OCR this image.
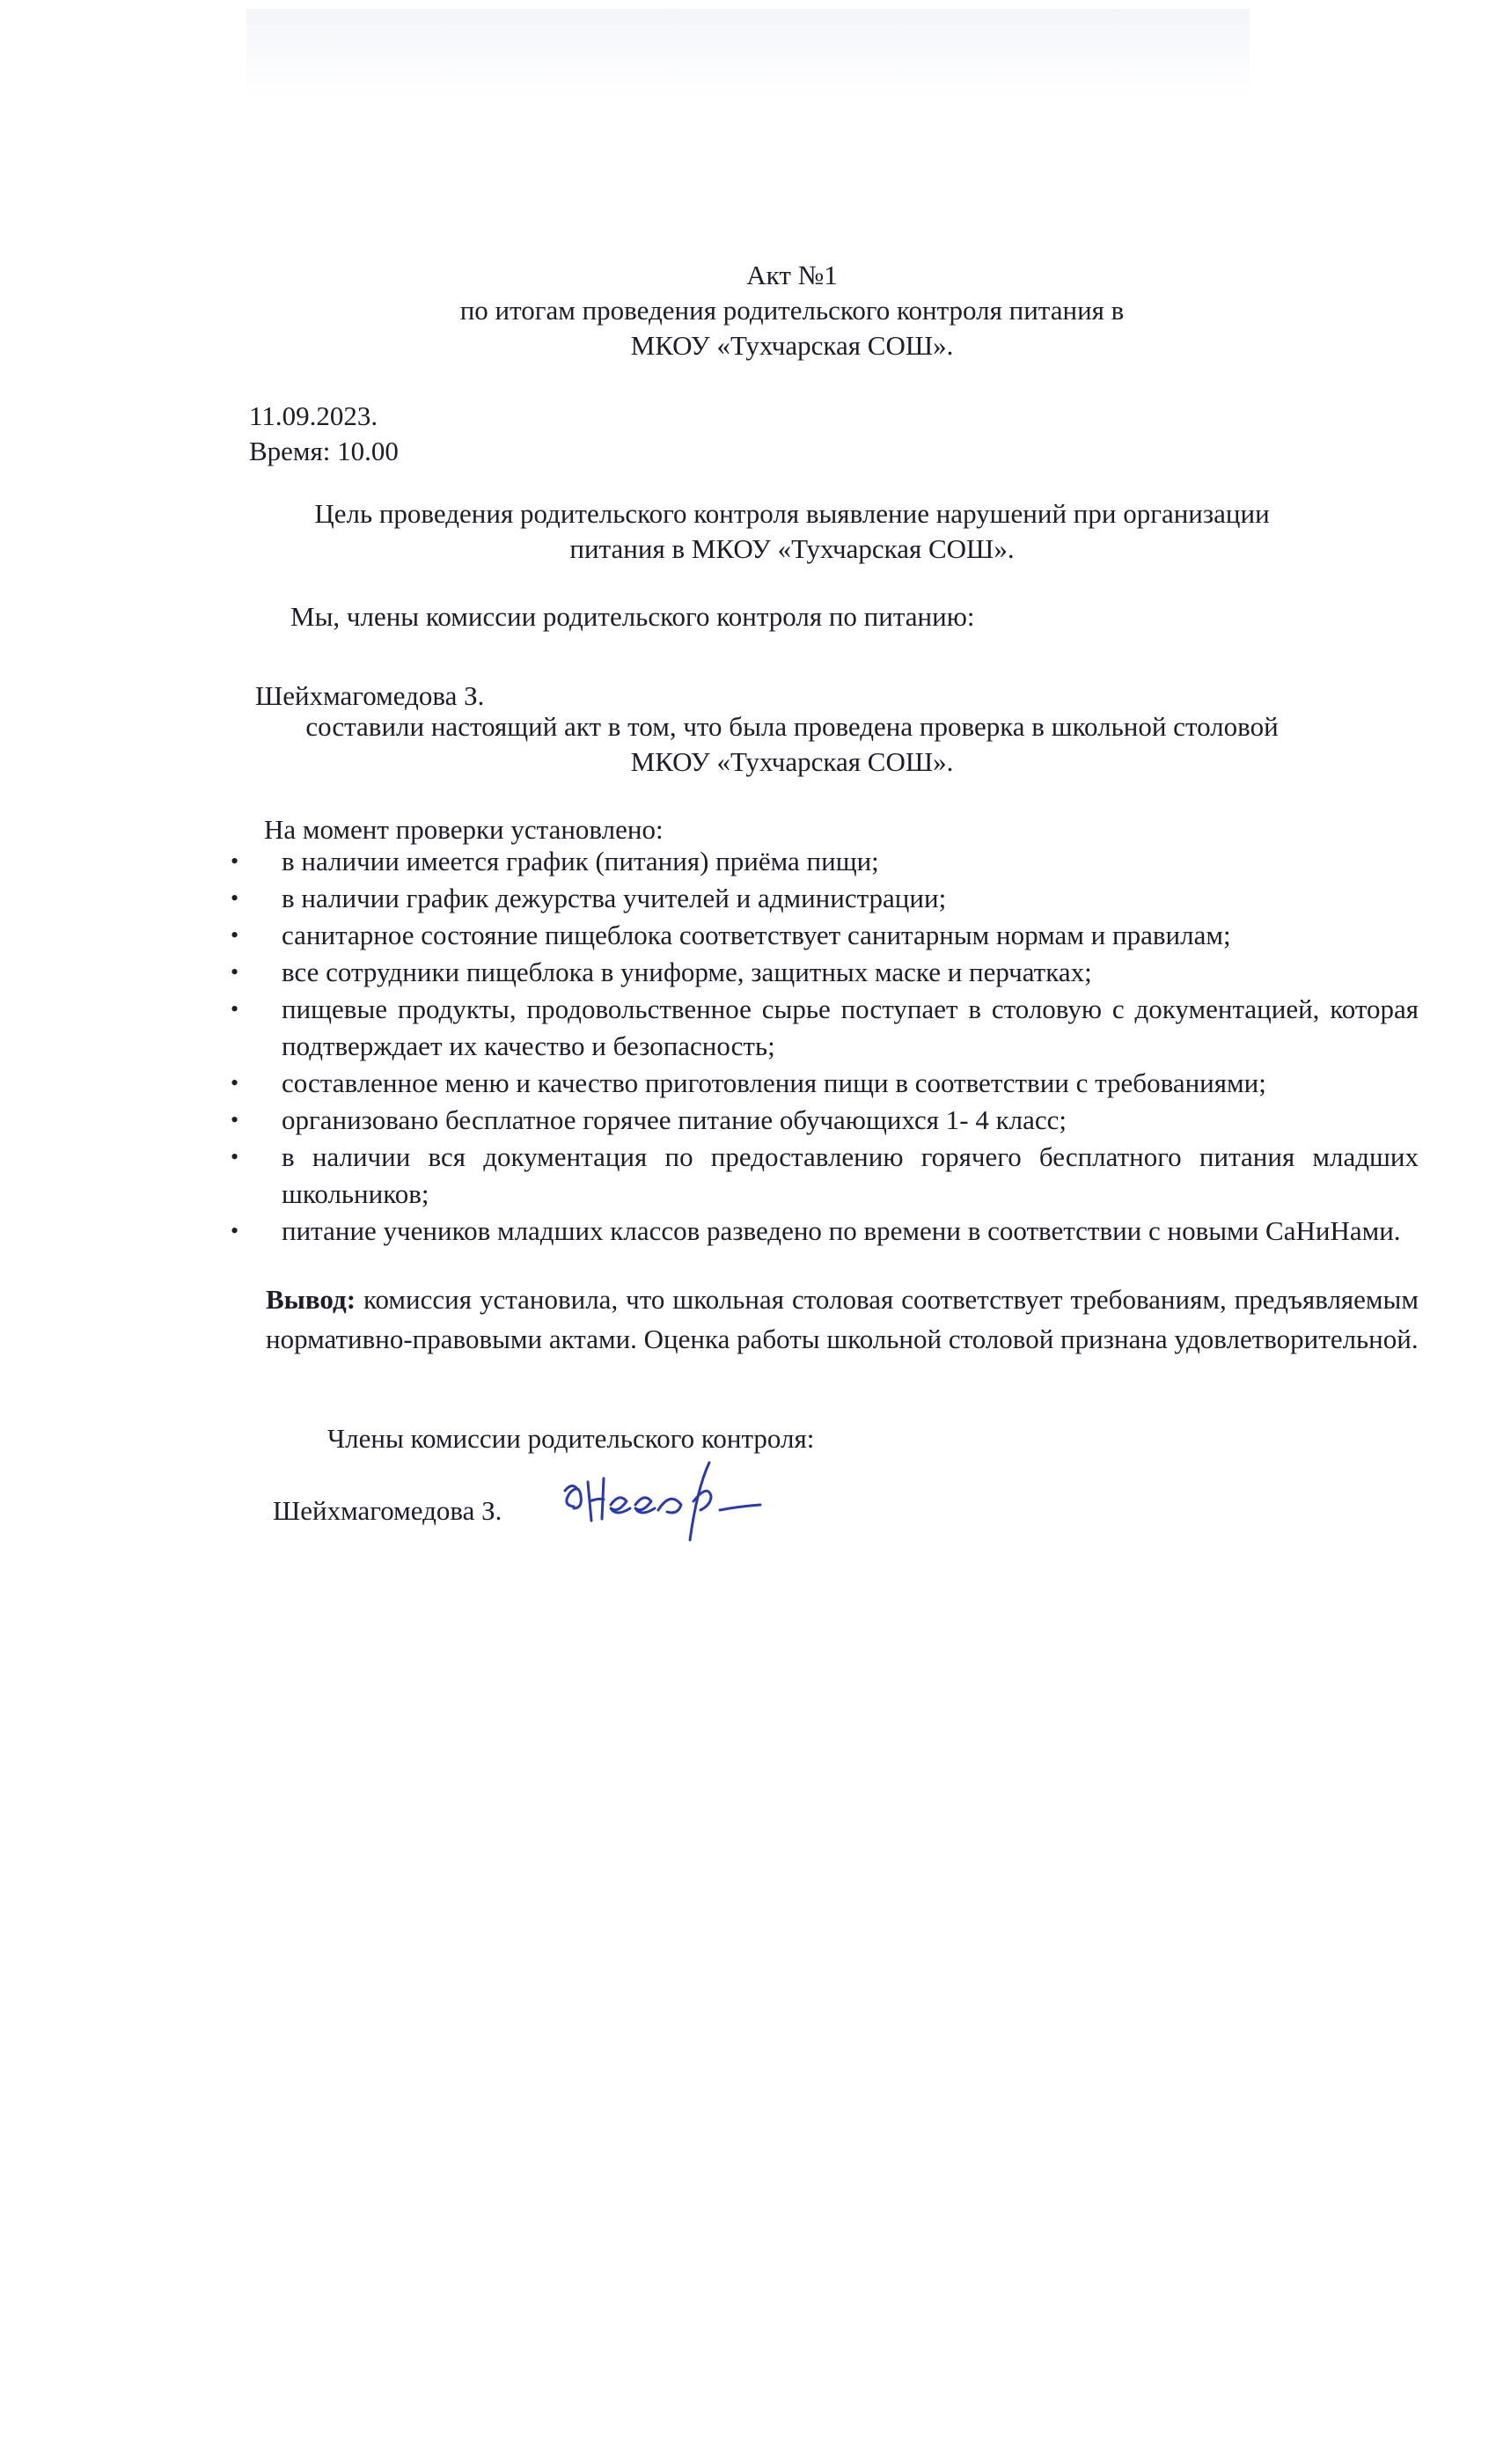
Акт №1
по итогам проведения родительского контроля питания в
МКОУ «Тухчарская СОШ».
11.09.2023.
Время: 10.00
Цель проведения родительского контроля выявление нарушений при организации
питания в МКОУ «Тухчарская СОШ».
Мы, члены комиссии родительского контроля по питанию:
Шейхмагомедова З.
составили настоящий акт в том, что была проведена проверка в школьной столовой
МКОУ «Тухчарская СОШ».
На момент проверки установлено:
• в наличии имеется график (питания) приёма пищи;
• в наличии график дежурства учителей и администрации;
• санитарное состояние пищеблока соответствует санитарным нормам и правилам;
• все сотрудники пищеблока в униформе, защитных маске и перчатках;
• пищевые продукты, продовольственное сырье поступает в столовую с документацией, которая подтверждает их качество и безопасность;
• составленное меню и качество приготовления пищи в соответствии с требованиями;
• организовано бесплатное горячее питание обучающихся 1- 4 класс;
• в наличии вся документация по предоставлению горячего бесплатного питания младших школьников;
• питание учеников младших классов разведено по времени в соответствии с новыми СаНиНами.
Вывод: комиссия установила, что школьная столовая соответствует требованиям, предъявляемым нормативно-правовыми актами. Оценка работы школьной столовой признана удовлетворительной.
Члены комиссии родительского контроля:
Шейхмагомедова З.
